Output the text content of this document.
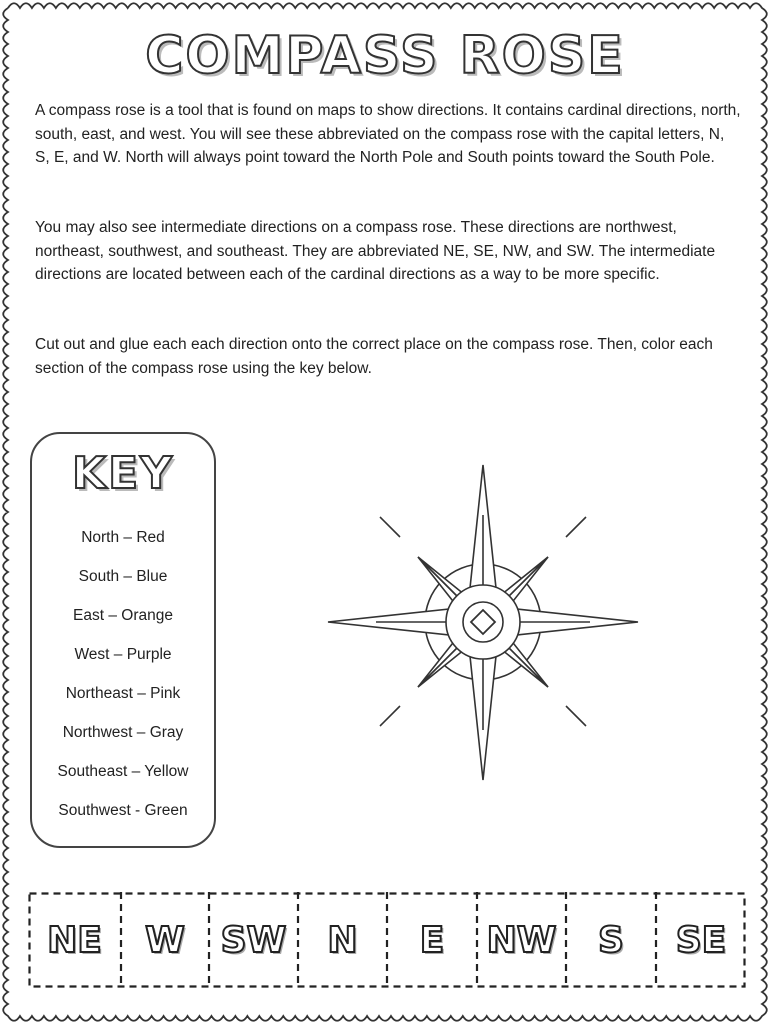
COMPASS ROSE

A compass rose is a tool that is found on maps to show directions. It contains cardinal directions, north, south, east, and west. You will see these abbreviated on the compass rose with the capital letters, N, S, E, and W. North will always point toward the North Pole and South points toward the South Pole.

You may also see intermediate directions on a compass rose. These directions are northwest, northeast, southwest, and southeast. They are abbreviated NE, SE, NW, and SW. The intermediate directions are located between each of the cardinal directions as a way to be more specific.

Cut out and glue each each direction onto the correct place on the compass rose. Then, color each section of the compass rose using the key below.

KEY
North – Red
South – Blue
East – Orange
West – Purple
Northeast – Pink
Northwest – Gray
Southeast – Yellow
Southwest - Green
NE	W SW	N	E	NW	S	SE
